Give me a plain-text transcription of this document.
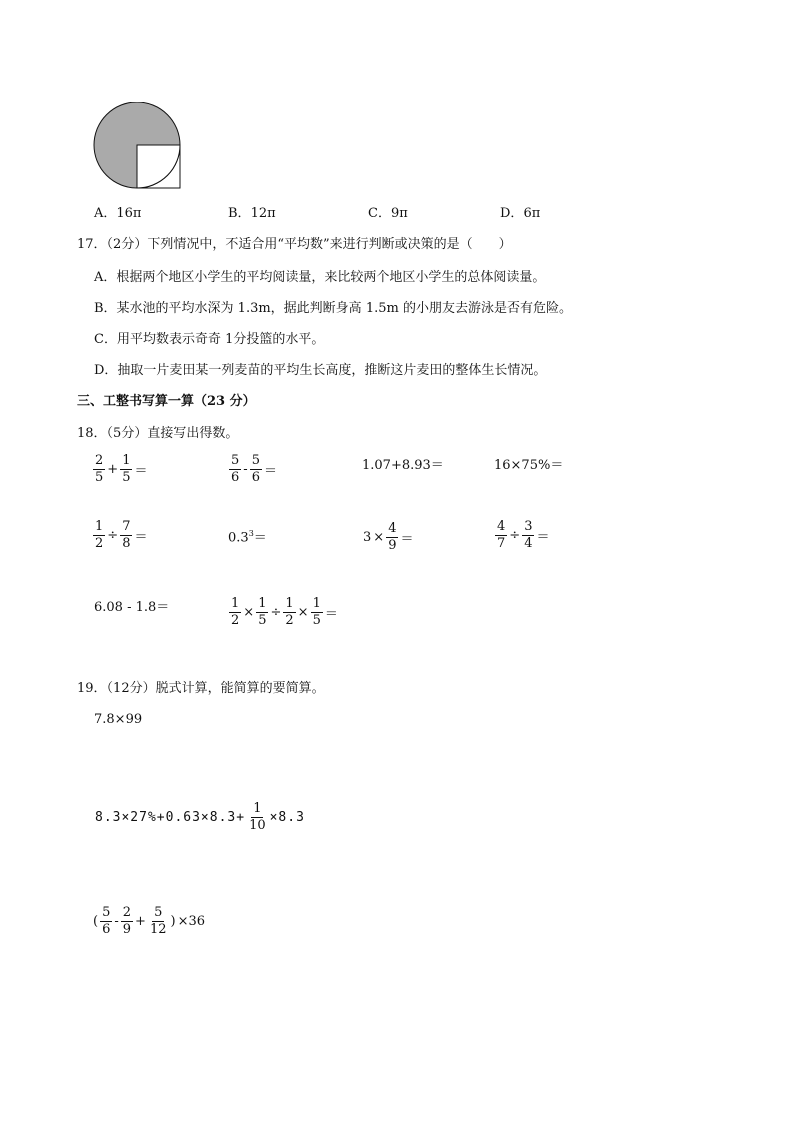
A．16π	B．12π	C．9π	D．6π
17．（2分）下列情况中，不适合用“平均数”来进行判断或决策的是（　　）
A．根据两个地区小学生的平均阅读量，来比较两个地区小学生的总体阅读量。
B．某水池的平均水深为 1.3m，据此判断身高 1.5m 的小朋友去游泳是否有危险。
C．用平均数表示奇奇 1分投篮的水平。
D．抽取一片麦田某一列麦苗的平均生长高度，推断这片麦田的整体生长情况。
三、工整书写算一算（23 分）
18．（5分）直接写出得数。
$\frac{2}{5} + \frac{1}{5}$ ＝	$\frac{5}{6} - \frac{5}{6}$ ＝	1.07+8.93＝	16×75%＝
$\frac{1}{2} \div \frac{7}{8}$ ＝	$0.3^3=$	$3 \times \frac{4}{9}$ ＝	$\frac{4}{7} \div \frac{3}{4}$ ＝
6.08 - 1.8＝	$\frac{1}{2} \times \frac{1}{5} \div \frac{1}{2} \times \frac{1}{5}$ ＝
19．（12分）脱式计算，能简算的要简算。
7.8×99
$8.3\times 27\%+0.63\times 8.3+ \frac{1}{10} \times 8.3$
( $\frac{5}{6} - \frac{2}{9} + \frac{5}{12}$ ) ×36
